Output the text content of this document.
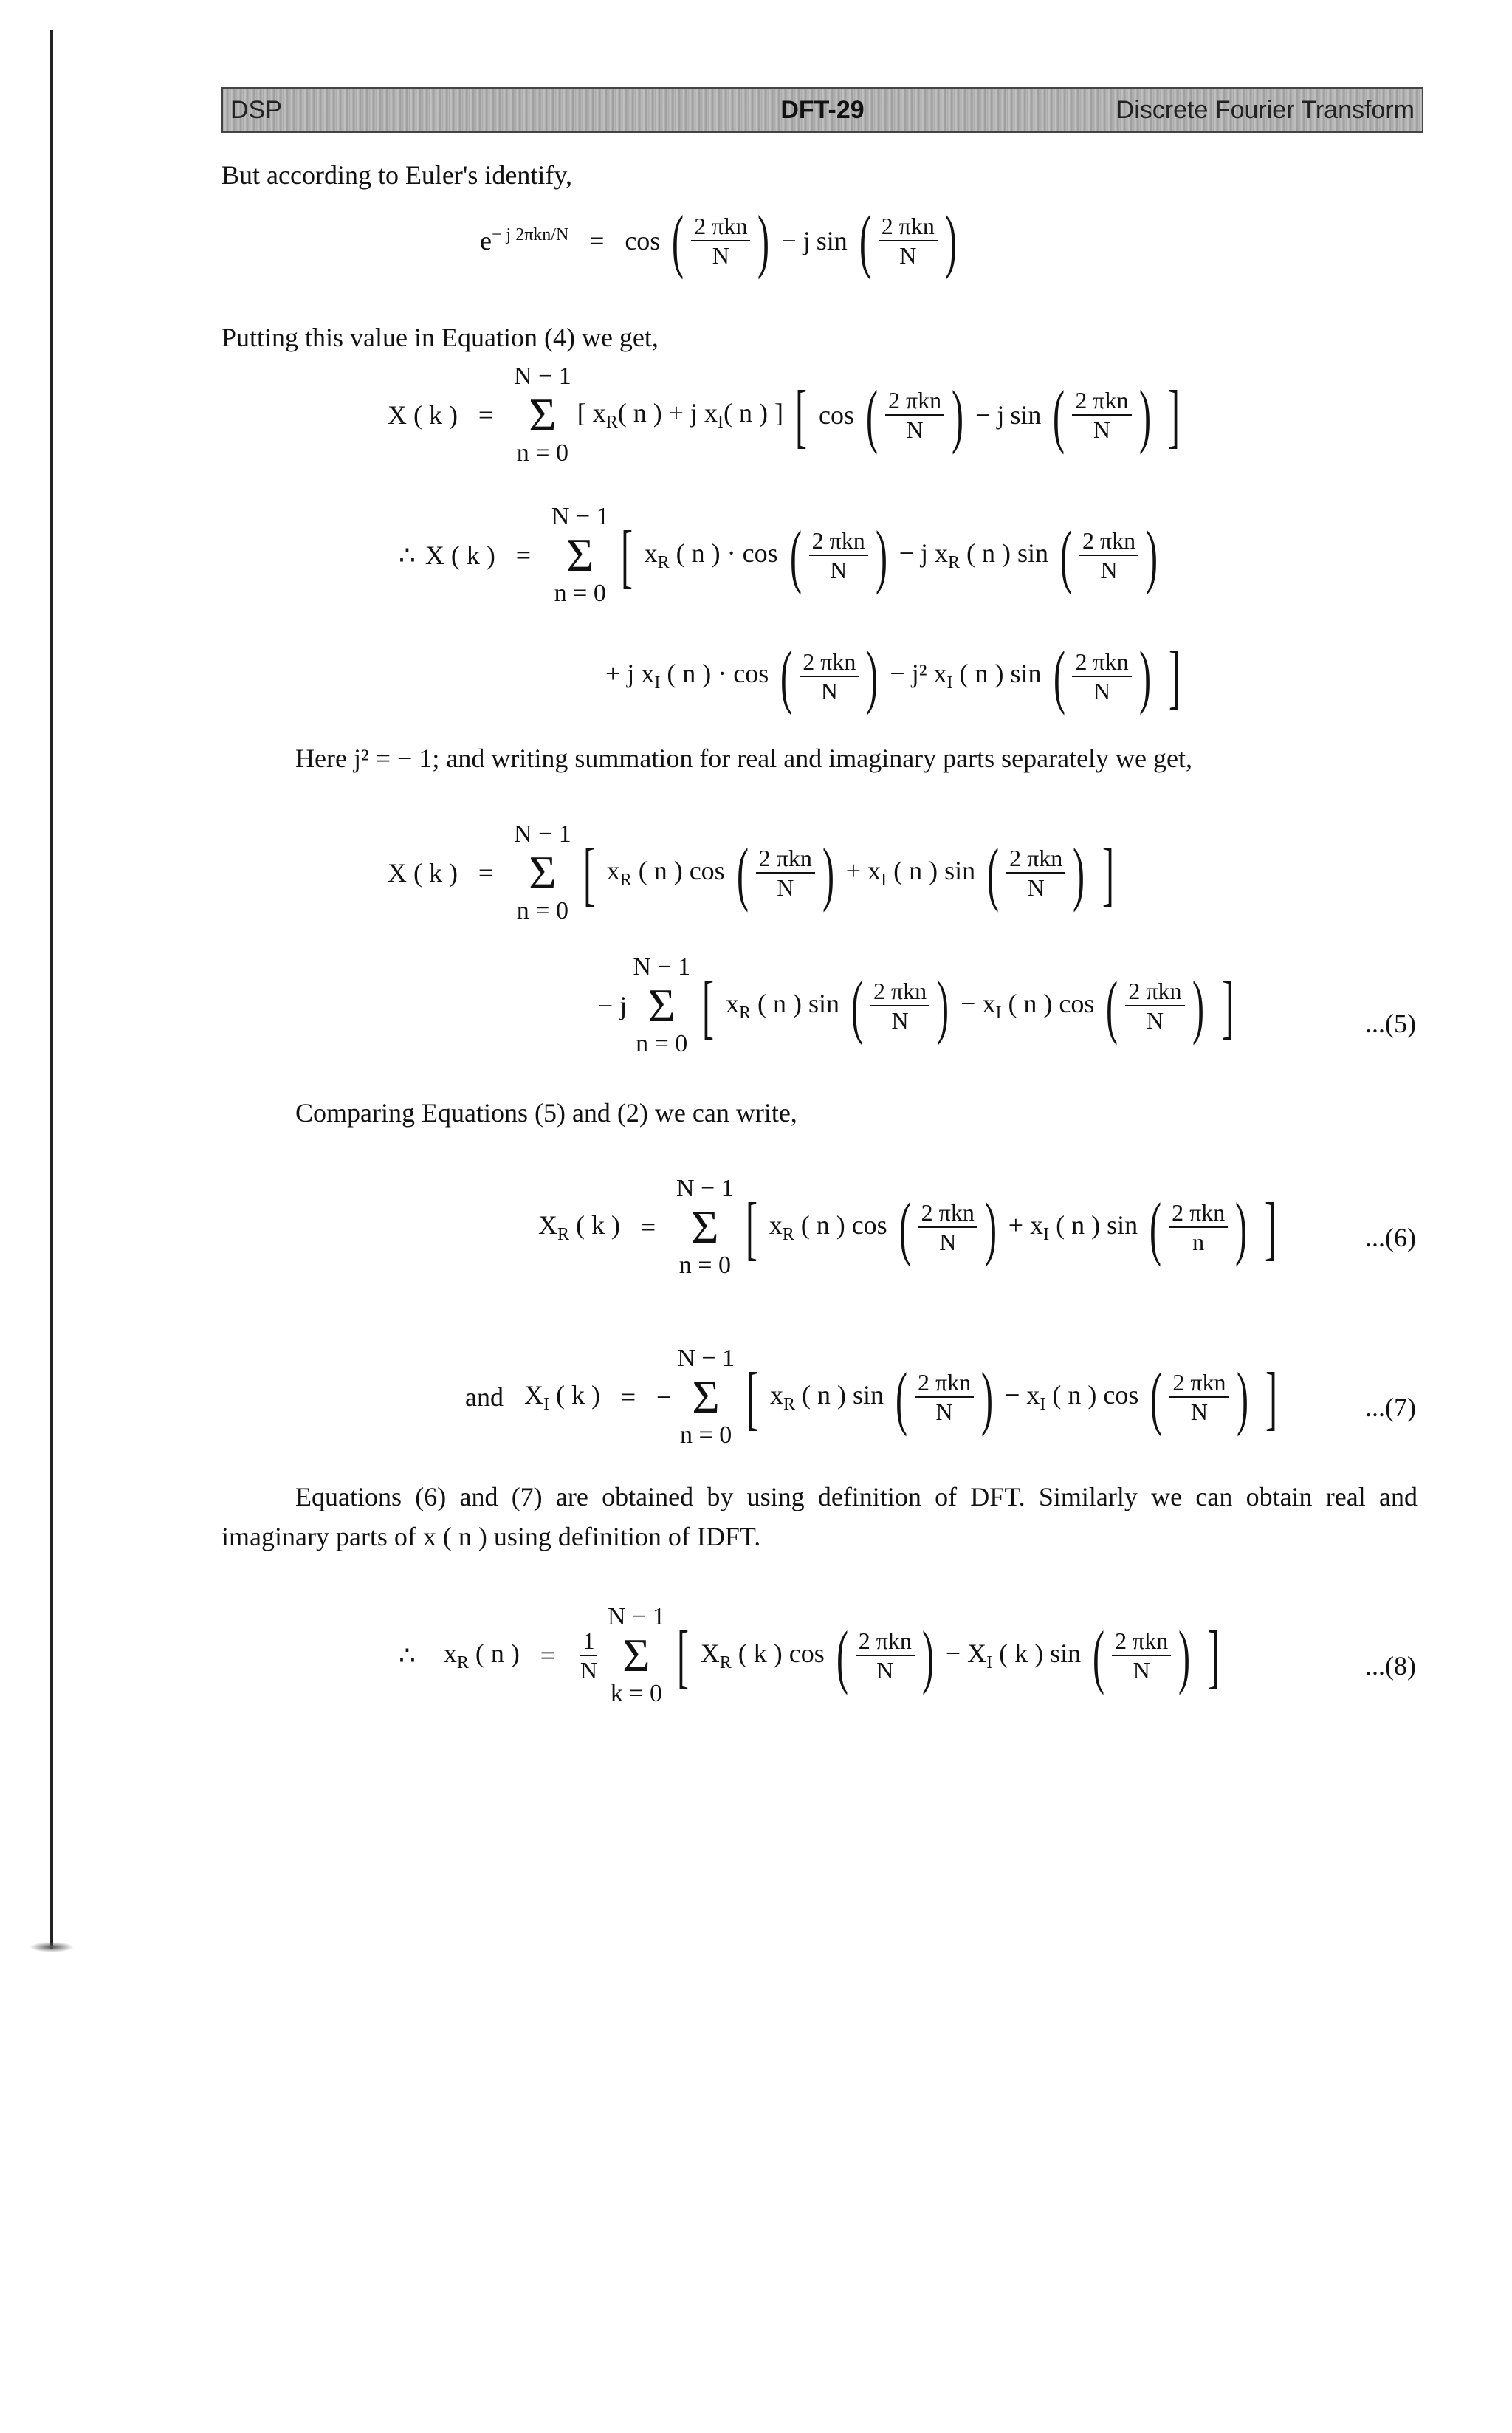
DSP	DFT-29	Discrete Fourier Transform
But according to Euler's identify,
$e^{- j 2\pi kn/N} = \cos$ ( $\frac{\text{2 πkn}}{N}$
) − j sin ( $\frac{\text{2 πkn}}{N}$
)
Putting this value in Equation (4) we get,
X ( k ) =
N − 1
Σ
n = 0
[ $x_R$( n ) + j $x_I$( n ) ] [ cos ( $\frac{\text{2 πkn}}{N}$
) − j sin ( $\frac{\text{2 πkn}}{N}$
) ]
∴ X ( k ) =
N − 1
Σ
n = 0 [ $x_R$ ( n ) · cos ( $\frac{\text{2 πkn}}{N}$
) − j $x_R$ ( n ) sin ( $\frac{\text{2 πkn}}{N}$
)
+ j $x_I$ ( n ) · cos ( $\frac{\text{2 πkn}}{N}$
) − j² $x_I$ ( n ) sin ( $\frac{\text{2 πkn}}{N}$
) ]
Here j² = − 1; and writing summation for real and imaginary parts separately we get,
X ( k ) =
N − 1
Σ
n = 0 [ $x_R$ ( n ) cos ( $\frac{\text{2 πkn}}{N}$
) + $x_I$ ( n ) sin ( $\frac{\text{2 πkn}}{N}$
) ]
− j
N − 1
Σ
n = 0 [ $x_R$ ( n ) sin ( $\frac{\text{2 πkn}}{N}$
) − $x_I$ ( n ) cos ( $\frac{\text{2 πkn}}{N}$
) ]	...(5)
Comparing Equations (5) and (2) we can write,
$X_R$ ( k ) =
N − 1
Σ
n = 0 [ $x_R$ ( n ) cos ( $\frac{\text{2 πkn}}{N}$
) + $x_I$ ( n ) sin ( $\frac{\text{2 πkn}}{n}$
) ]	...(6)
and $X_I$ ( k ) = −
N − 1
Σ
n = 0 [ $x_R$ ( n ) sin ( $\frac{\text{2 πkn}}{N}$
) − $x_I$ ( n ) cos ( $\frac{\text{2 πkn}}{N}$
) ]	...(7)
Equations (6) and (7) are obtained by using definition of DFT. Similarly we can obtain real and imaginary parts of x ( n ) using definition of IDFT.
∴ $x_R$ ( n ) = $\frac{1}{N}$
N − 1
Σ
k = 0 [ $X_R$ ( k ) cos ( $\frac{\text{2 πkn}}{N}$
) − $X_I$ ( k ) sin ( $\frac{\text{2 πkn}}{N}$
) ]	...(8)
